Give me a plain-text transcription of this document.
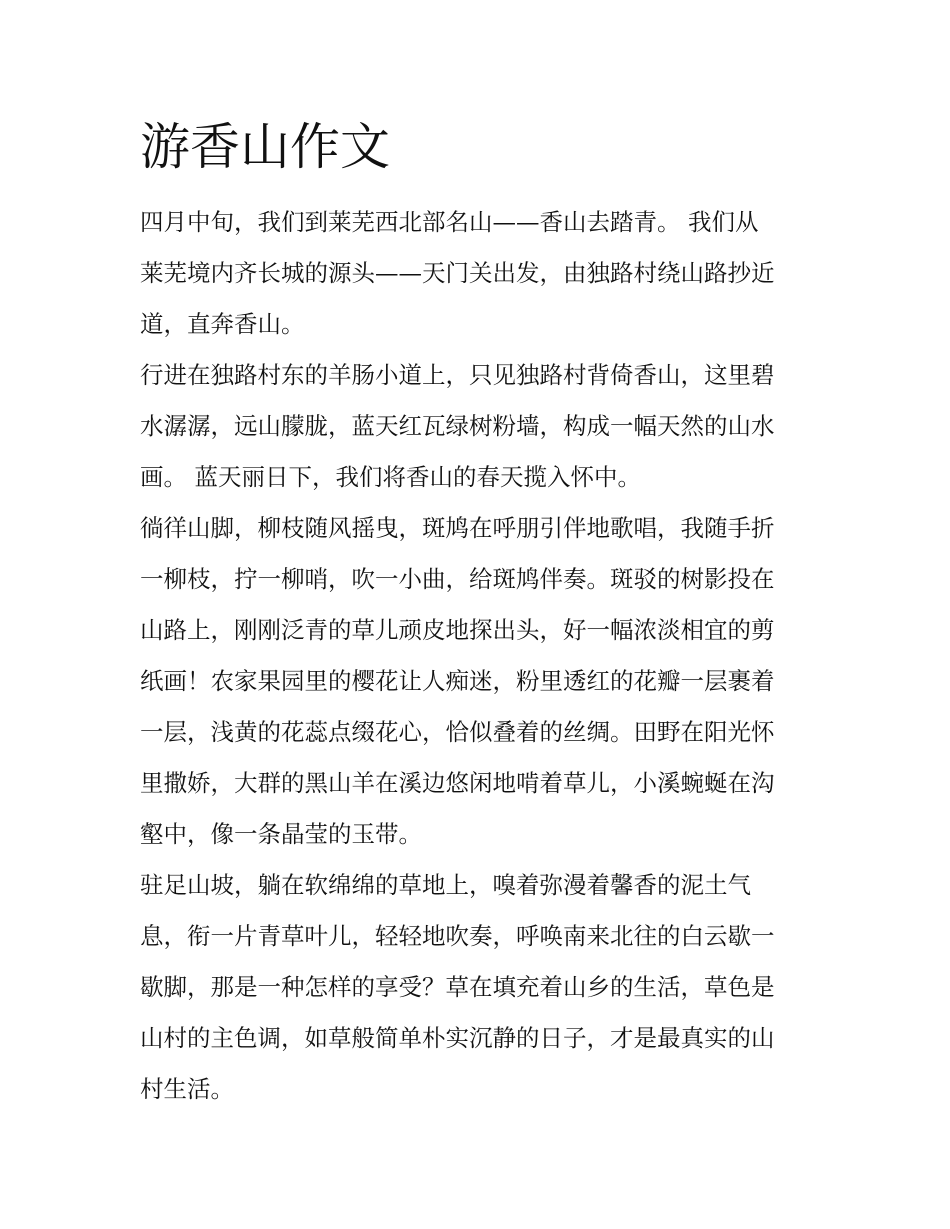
游香山作文

四月中旬，我们到莱芜西北部名山——香山去踏青。 我们从

莱芜境内齐长城的源头——天门关出发，由独路村绕山路抄近

道，直奔香山。

行进在独路村东的羊肠小道上，只见独路村背倚香山，这里碧

水潺潺，远山朦胧，蓝天红瓦绿树粉墙，构成一幅天然的山水

画。 蓝天丽日下，我们将香山的春天揽入怀中。

徜徉山脚，柳枝随风摇曳，斑鸠在呼朋引伴地歌唱，我随手折

一柳枝，拧一柳哨，吹一小曲，给斑鸠伴奏。斑驳的树影投在

山路上，刚刚泛青的草儿顽皮地探出头，好一幅浓淡相宜的剪

纸画！农家果园里的樱花让人痴迷，粉里透红的花瓣一层裹着

一层，浅黄的花蕊点缀花心，恰似叠着的丝绸。田野在阳光怀

里撒娇，大群的黑山羊在溪边悠闲地啃着草儿，小溪蜿蜒在沟

壑中，像一条晶莹的玉带。

驻足山坡，躺在软绵绵的草地上，嗅着弥漫着馨香的泥土气

息，衔一片青草叶儿，轻轻地吹奏，呼唤南来北往的白云歇一

歇脚，那是一种怎样的享受？草在填充着山乡的生活，草色是

山村的主色调，如草般简单朴实沉静的日子，才是最真实的山

村生活。
